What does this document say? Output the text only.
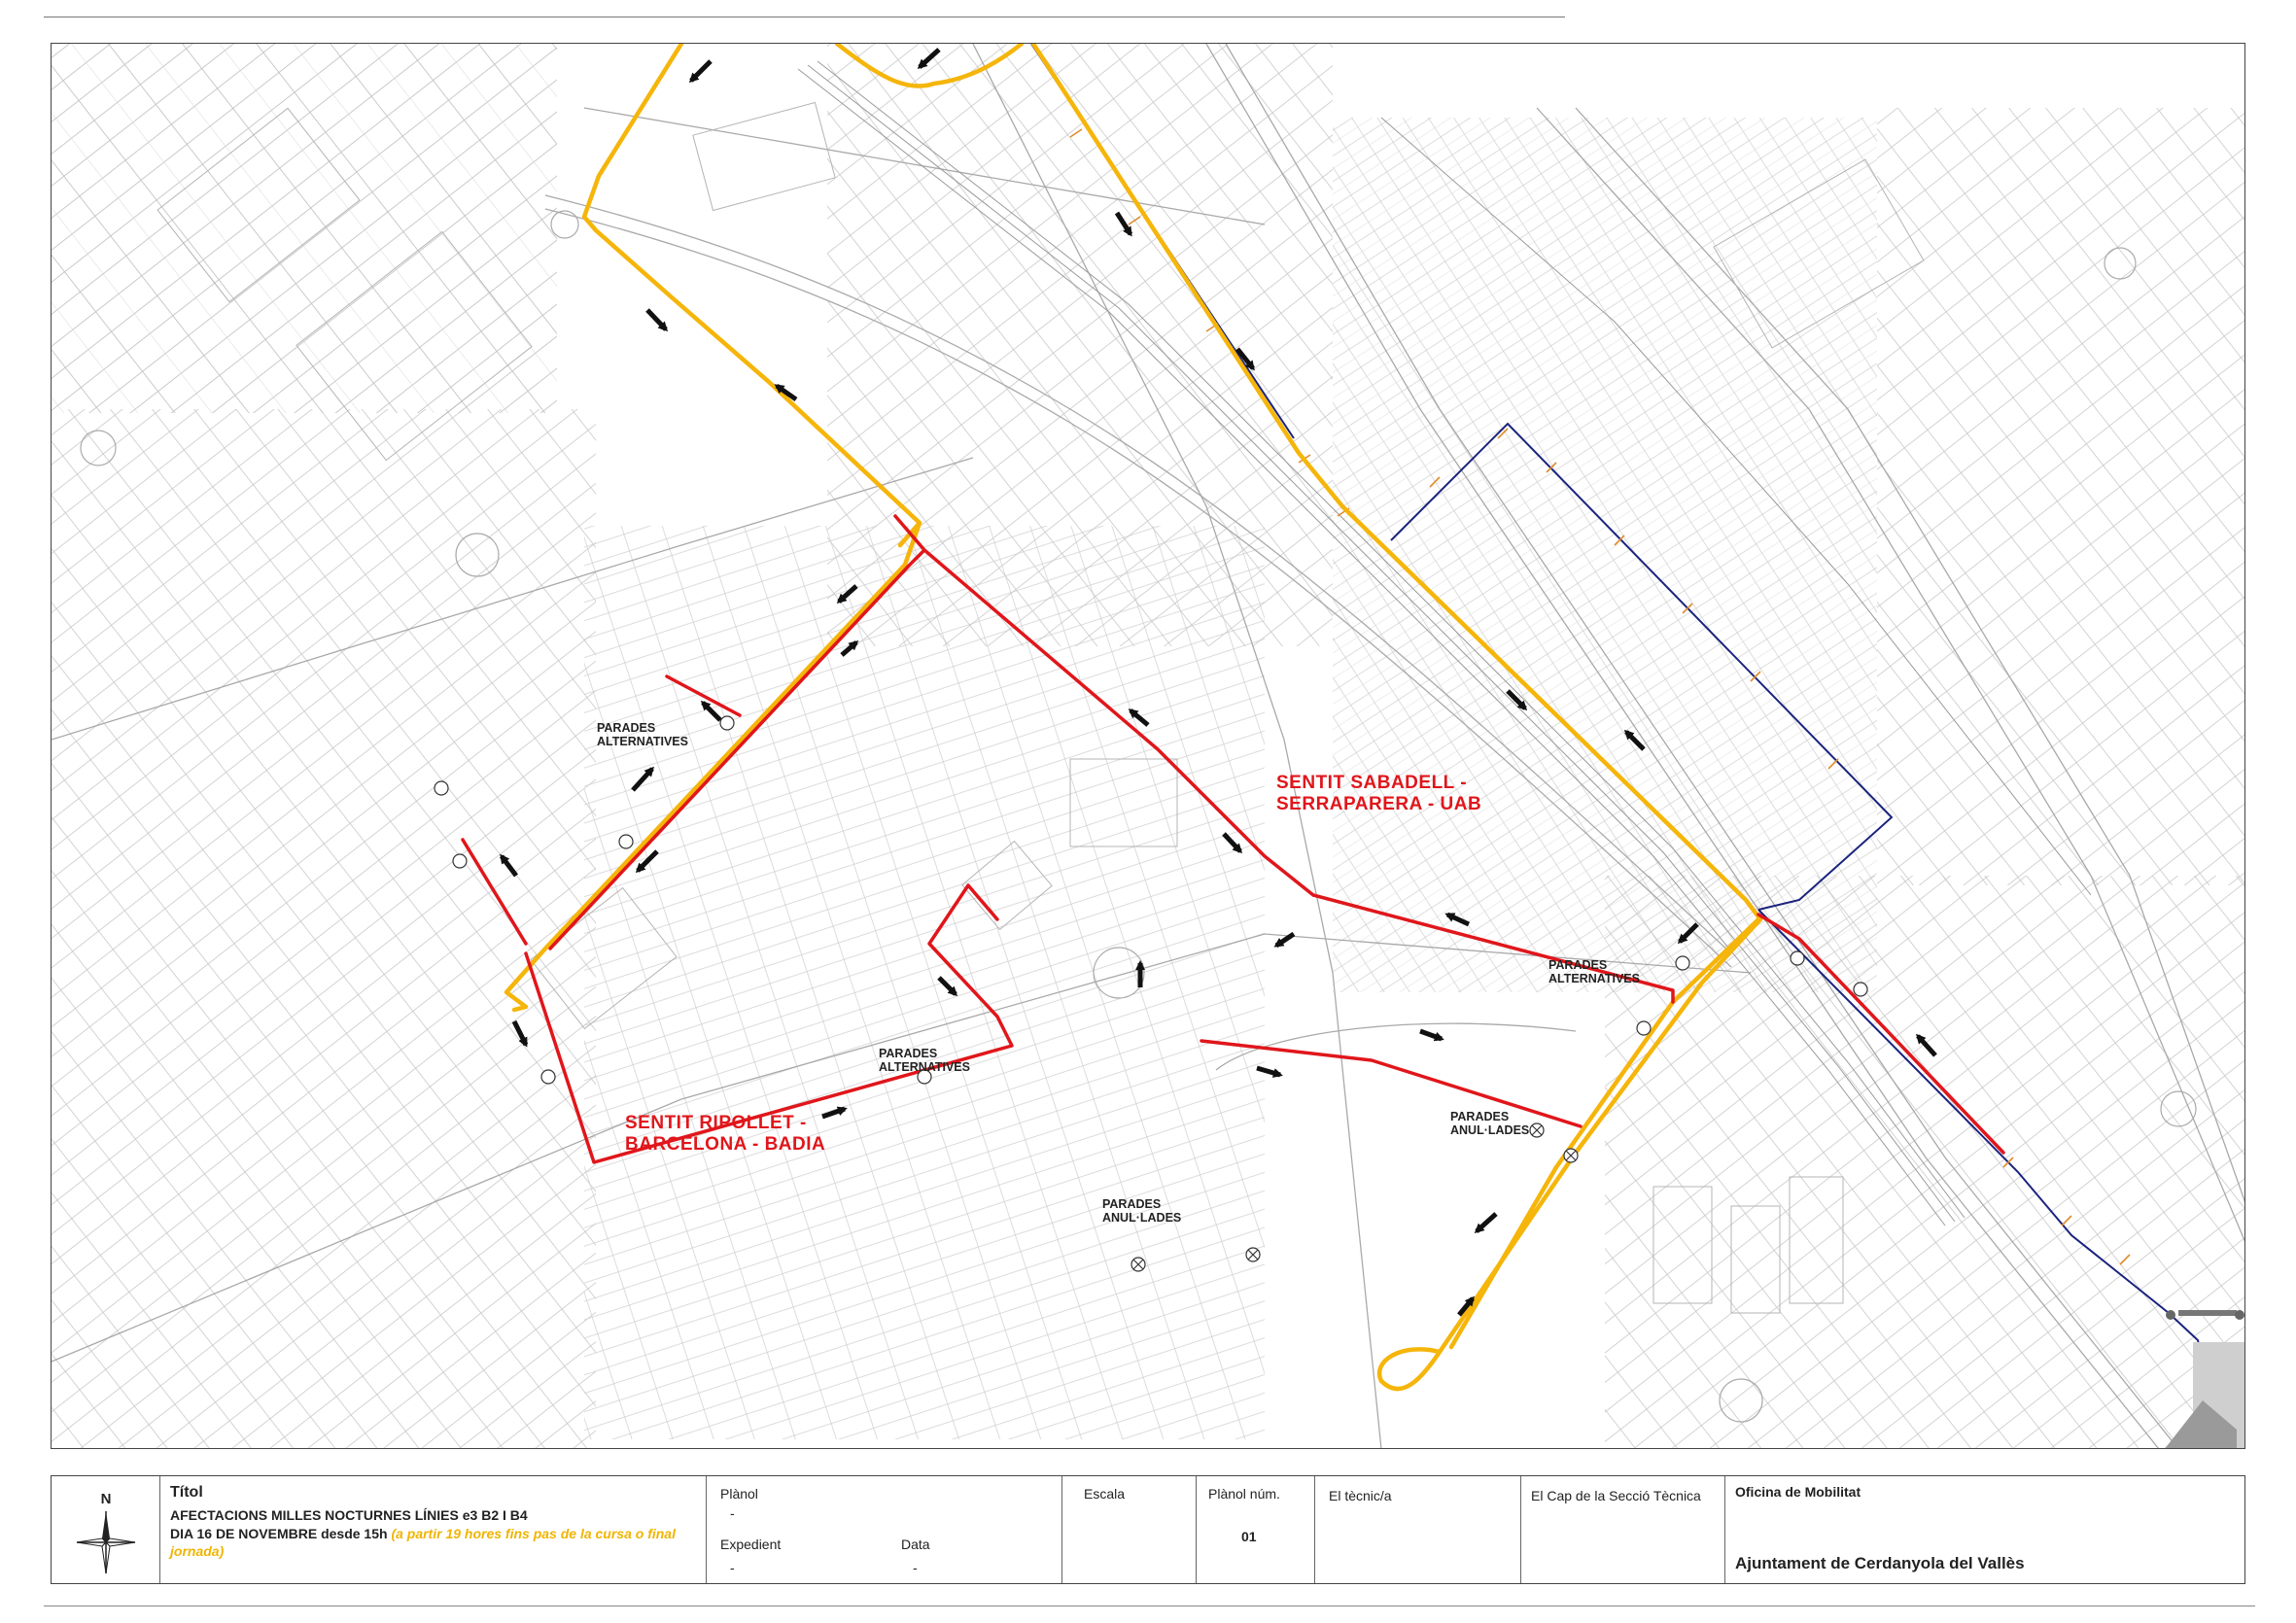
PARADES
ALTERNATIVES
PARADES
ALTERNATIVES
PARADES
ALTERNATIVES
PARADES
ANUL·LADES
PARADES
ANUL·LADES
SENTIT SABADELL -
SERRAPARERA - UAB
SENTIT RIPOLLET -
BARCELONA - BADIA
N	Títol
AFECTACIONS MILLES NOCTURNES LÍNIES e3 B2 I B4
DIA 16 DE NOVEMBRE desde 15h (a partir 19 hores fins pas de la cursa o final jornada)
Plànol
-
Expedient
-
Data
-
Escala	Plànol núm.
01
El tècnic/a	El Cap de la Secció Tècnica	Oficina de Mobilitat
Ajuntament de Cerdanyola del Vallès
